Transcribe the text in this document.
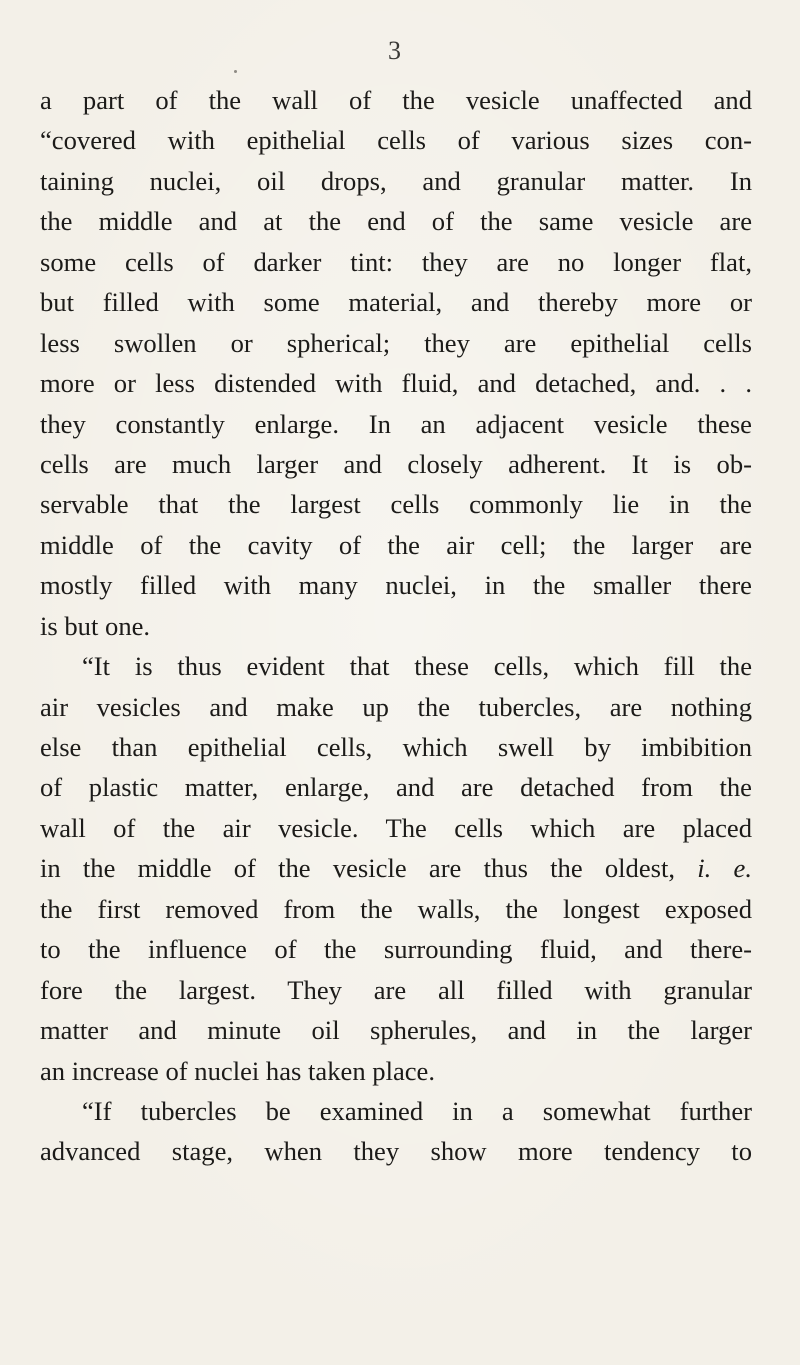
3
a part of the wall of the vesicle unaffected and
“covered with epithelial cells of various sizes con-
taining nuclei, oil drops, and granular matter. In
the middle and at the end of the same vesicle are
some cells of darker tint: they are no longer flat,
but filled with some material, and thereby more or
less swollen or spherical; they are epithelial cells
more or less distended with fluid, and detached, and. . .
they constantly enlarge. In an adjacent vesicle these
cells are much larger and closely adherent. It is ob-
servable that the largest cells commonly lie in the
middle of the cavity of the air cell; the larger are
mostly filled with many nuclei, in the smaller there
is but one.
“It is thus evident that these cells, which fill the
air vesicles and make up the tubercles, are nothing
else than epithelial cells, which swell by imbibition
of plastic matter, enlarge, and are detached from the
wall of the air vesicle. The cells which are placed
in the middle of the vesicle are thus the oldest, i. e.
the first removed from the walls, the longest exposed
to the influence of the surrounding fluid, and there-
fore the largest. They are all filled with granular
matter and minute oil spherules, and in the larger
an increase of nuclei has taken place.
“If tubercles be examined in a somewhat further
advanced stage, when they show more tendency to
